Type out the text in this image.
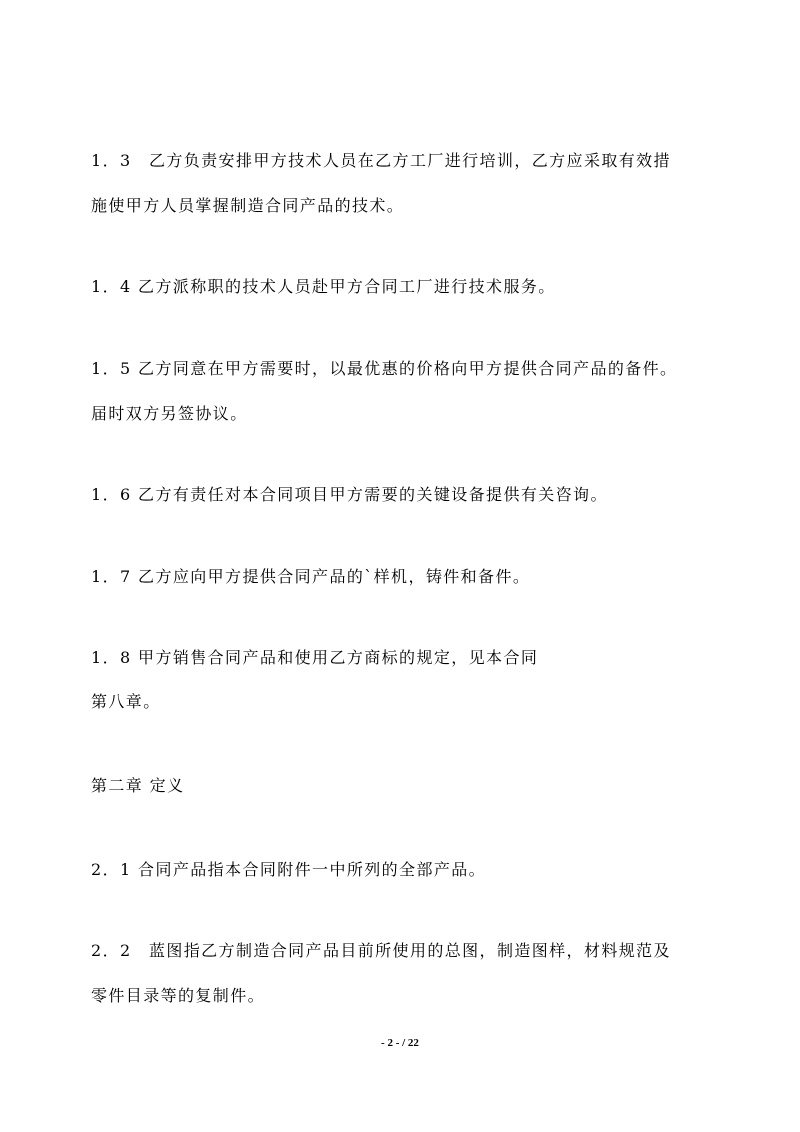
1．3　乙方负责安排甲方技术人员在乙方工厂进行培训，乙方应采取有效措
施使甲方人员掌握制造合同产品的技术。
1．4 乙方派称职的技术人员赴甲方合同工厂进行技术服务。
1．5 乙方同意在甲方需要时，以最优惠的价格向甲方提供合同产品的备件。
届时双方另签协议。
1．6 乙方有责任对本合同项目甲方需要的关键设备提供有关咨询。
1．7 乙方应向甲方提供合同产品的`样机，铸件和备件。
1．8 甲方销售合同产品和使用乙方商标的规定，见本合同
第八章。
第二章 定义
2．1 合同产品指本合同附件一中所列的全部产品。
2．2　蓝图指乙方制造合同产品目前所使用的总图，制造图样，材料规范及
零件目录等的复制件。
- 2 - / 22
